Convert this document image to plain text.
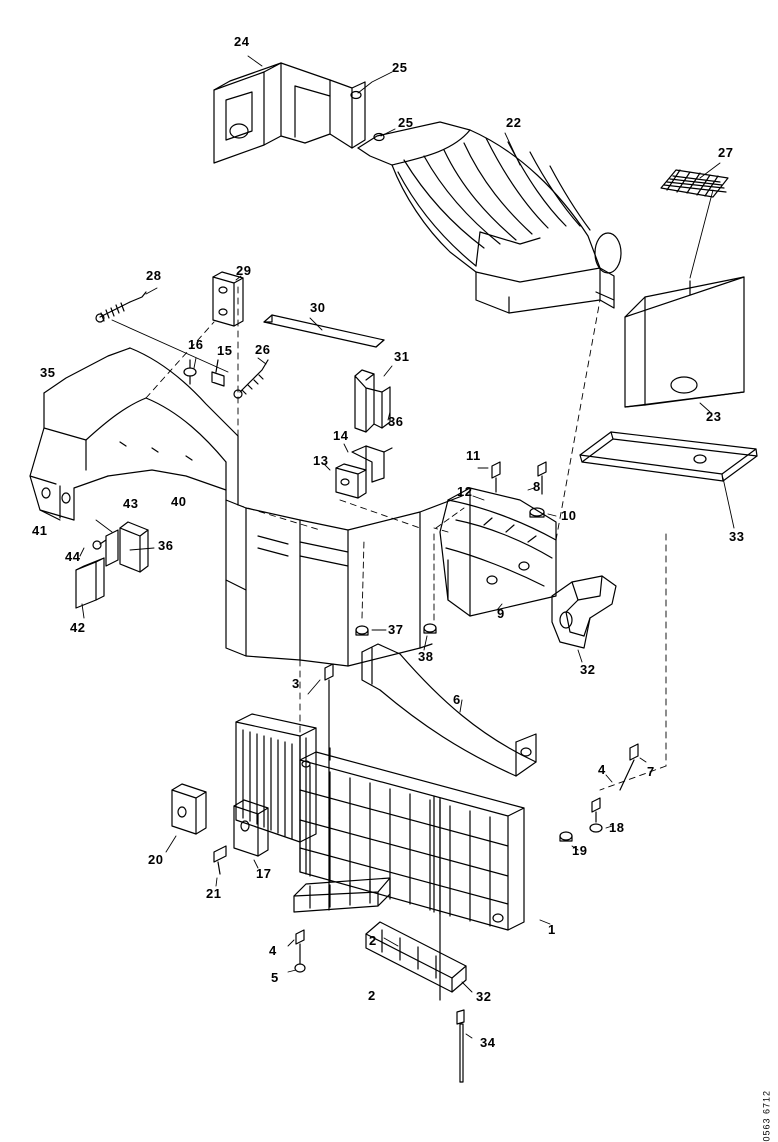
24
25
25	22
27
28	29
30
35
16 15 26	31
23
36
14
13	11
8
12
10
33
43	40
41
44
36
42
9
32
37
38
3
6
7
4
18
19
20
17
21
1
2
4
5
2	32
34
0563 6712
